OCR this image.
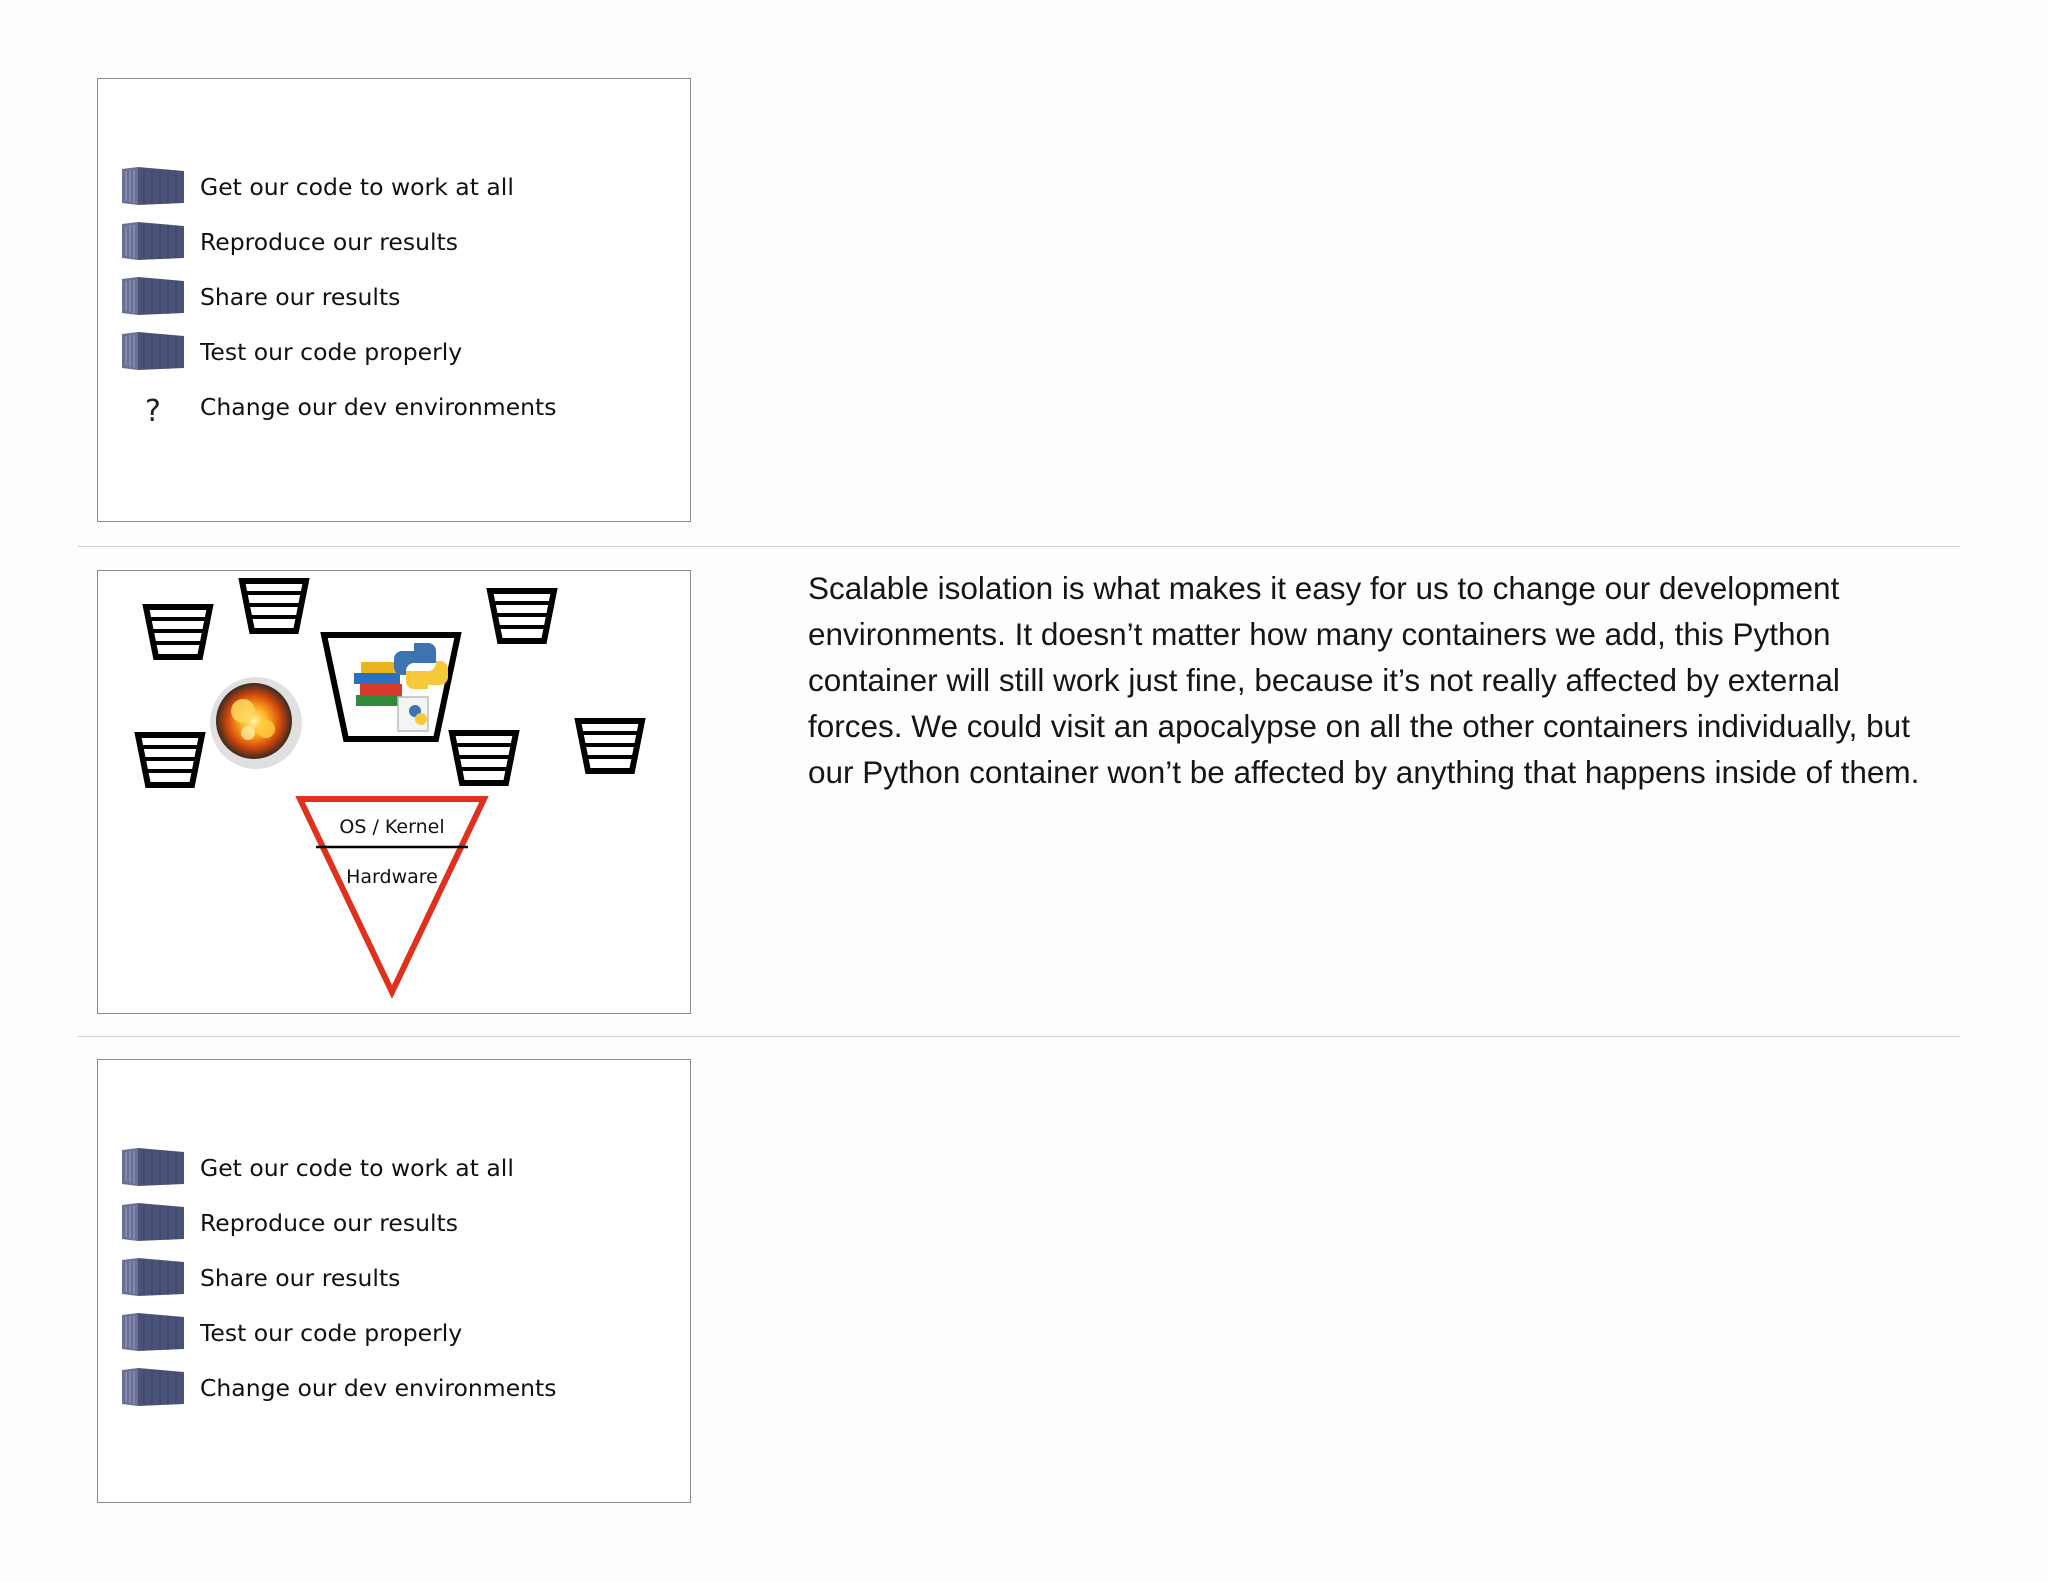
Get our code to work at all
Reproduce our results
Share our results
Test our code properly
?	Change our dev environments
OS / Kernel
Hardware

Scalable isolation is what makes it easy for us to change our development environments. It doesn’t matter how many containers we add, this Python container will still work just fine, because it’s not really affected by external forces. We could visit an apocalypse on all the other containers individually, but our Python container won’t be affected by anything that happens inside of them.

Get our code to work at all
Reproduce our results
Share our results
Test our code properly
Change our dev environments
